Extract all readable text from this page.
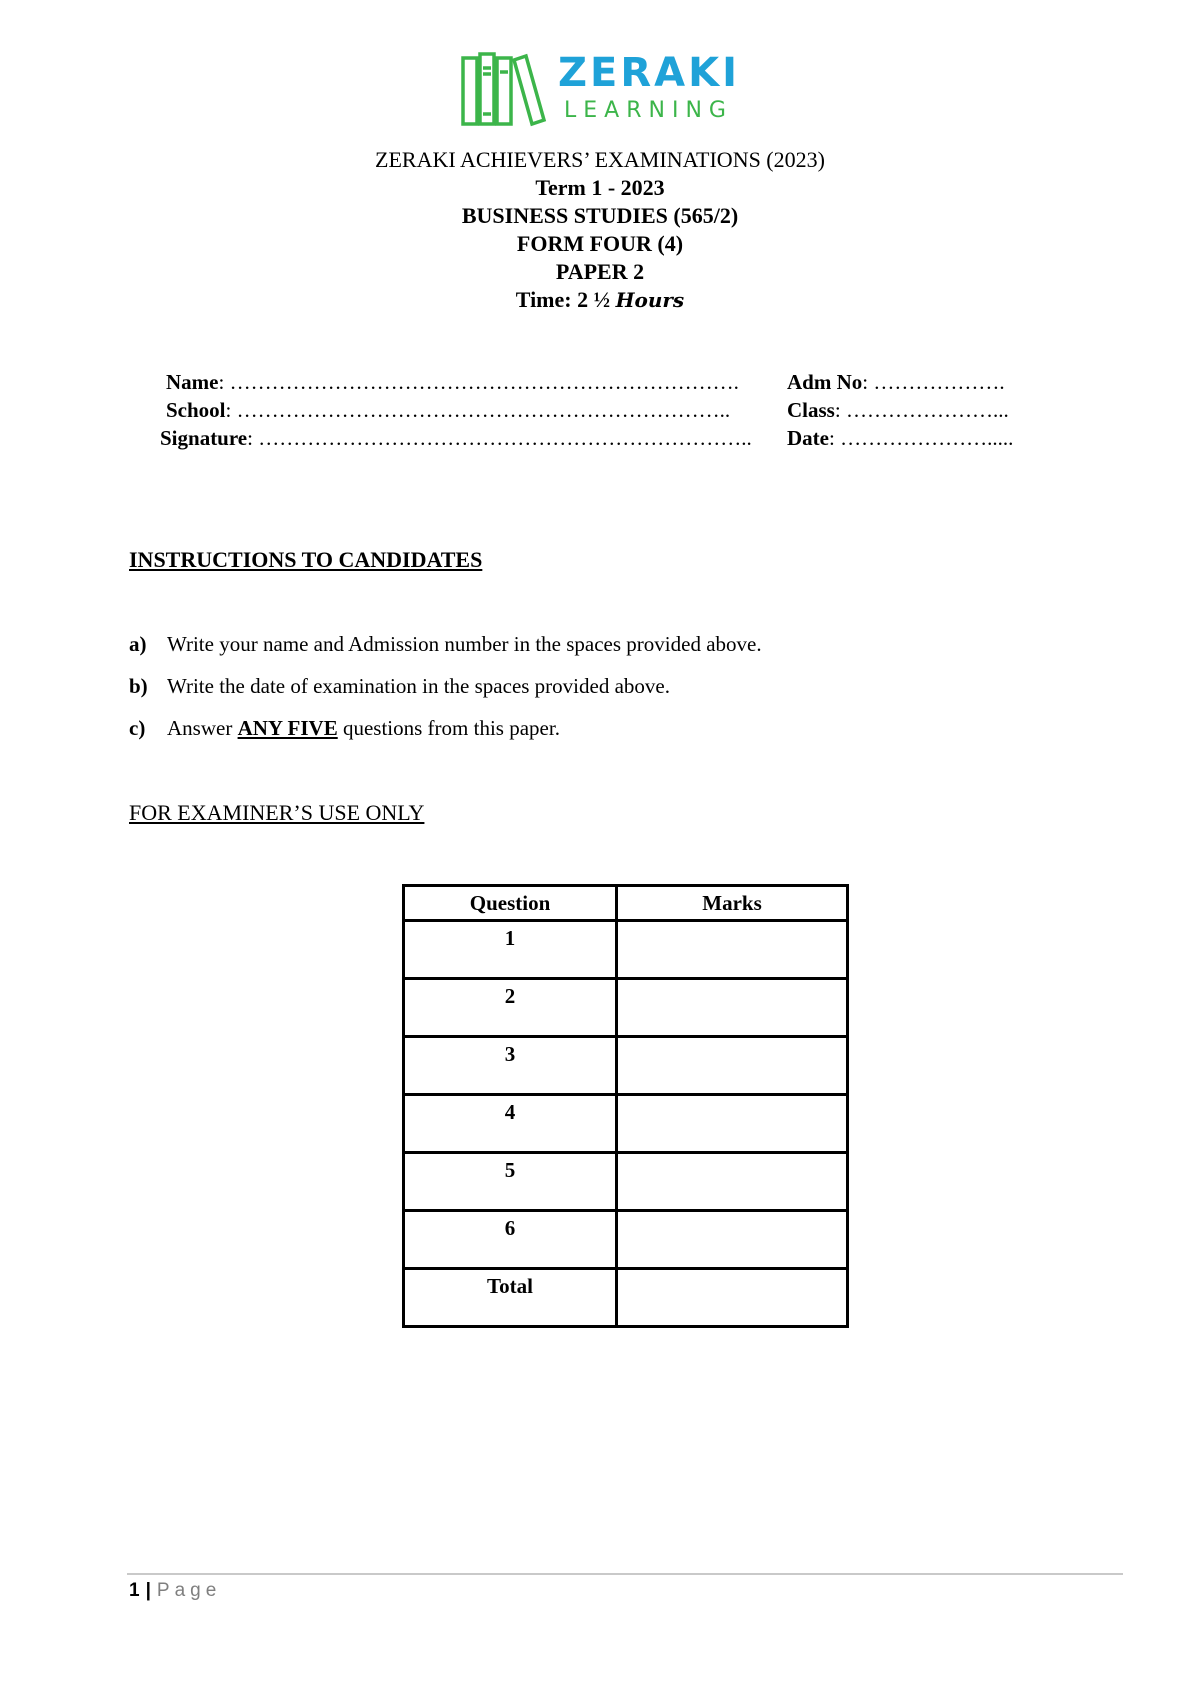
ZERAKI
LEARNING
ZERAKI ACHIEVERS’ EXAMINATIONS (2023)
Term 1 - 2023
BUSINESS STUDIES (565/2)
FORM FOUR (4)
PAPER 2
Time: 2 ½ Hours
Name: ………………………………………………………………. Adm No: ……………….
School: ……………………………………………………………..	Class: …………………...
Signature: …………………………………………………………….. Date: ………………….....
INSTRUCTIONS TO CANDIDATES
a) Write your name and Admission number in the spaces provided above.
b) Write the date of examination in the spaces provided above.
c) Answer ANY FIVE questions from this paper.
FOR EXAMINER’S USE ONLY
Question	Marks
1	
2	
3	
4	
5	
6	
Total	
1 | Page
